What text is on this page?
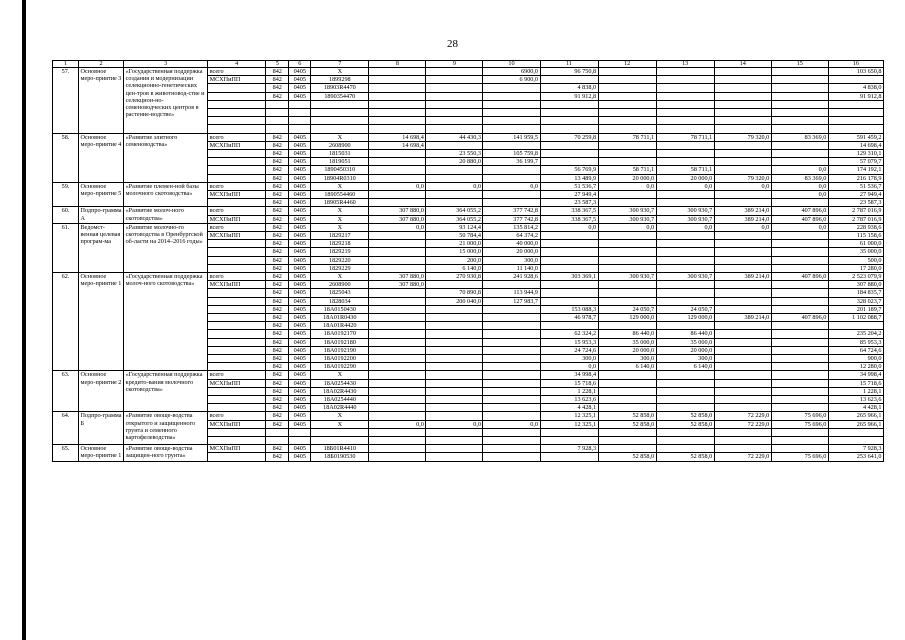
28
1	2	3	4	5	6	7	8	9	10	11	12	13	14	15	16
57.	Основное меро-приятие 3	«Государственная поддержка создания и модернизации селекционно-генетических цен-тров в животновод-стве и селекцион-но-семеноводческих центров в растение-водстве»	всего	842	0405	Х			6900,0	96 750,8					103 650,8
			МСХПиПП	842	0405	1899298			6 900,0						
				842	0405	18903R4470				4 838,0					4 838,0
				842	0405	1890354470				91 912,8					91 912,8

58.	Основное меро-приятие 4	«Развитие элитного семеноводства»	всего	842	0405	Х	14 698,4	44 430,3	141 959,5	70 259,8	78 711,1	78 711,1	79 320,0	83 369,0	591 459,2
			МСХПиПП	842	0405	2608900	14 698,4								14 698,4
				842	0405	1815031		23 550,3	105 759,8						129 310,1
				842	0405	1819051		20 880,0	36 199,7						57 079,7
				842	0405	1890450310				56 769,9	58 711,1	58 711,1		0,0	174 192,1
				842	0405	18904R0310				13 489,9	20 000,0	20 000,0	79 320,0	83 369,0	216 178,9
59.	Основное меро-приятие 5	«Развитие племен-ной базы молочного скотоводства»	всего	842	0405	Х	0,0	0,0	0,0	51 536,7	0,0	0,0	0,0	0,0	51 536,7
			МСХПиПП	842	0405	1890554460				27 949,4				0,0	27 949,4
				842	0405	18905R4460				23 587,3					23 587,3
60.	Подпро-грамма А	«Развитие молоч-ного скотоводства»	всего	842	0405	Х	307 880,0	364 055,2	377 742,8	338 367,5	300 930,7	300 930,7	389 214,0	407 896,0	2 787 016,9
			МСХПиПП	842	0405	Х	307 880,0	364 055,2	377 742,8	338 367,5	300 930,7	300 930,7	389 214,0	407 896,0	2 787 016,9
61.	Ведомст-венная целевая програм-ма	«Развитие молочно-го скотоводства в Оренбургской об-ласти на 2014–2016 годы»	всего	842	0405	Х	0,0	93 124,4	135 814,2	0,0	0,0	0,0	0,0	0,0	228 938,6
			МСХПиПП	842	0405	1829217		50 784,4	64 374,2						115 158,6
				842	0405	1829218		21 000,0	40 000,0						61 000,0
				842	0405	1829219		15 000,0	20 000,0						35 000,0
				842	0405	1829220		200,0	300,0						500,0
				842	0405	1829229		6 140,0	11 140,0						17 280,0
62.	Основное меро-приятие 1	«Государственная поддержка молоч-ного скотоводства»	всего	842	0405	Х	307 880,0	270 930,8	241 928,6	303 369,1	300 930,7	300 930,7	389 214,0	407 896,0	2 523 079,9
			МСХПиПП	842	0405	2608900	307 880,0								307 880,0
				842	0405	1825043		70 890,8	113 944,9						184 835,7
				842	0405	1828034		200 040,0	127 983,7						328 023,7
				842	0405	18А0150430				153 088,3	24 050,7	24 050,7			201 189,7
				842	0405	18А01R0430				46 978,7	129 000,0	129 000,0	389 214,0	407 896,0	1 102 088,7
				842	0405	18А01R4420									
				842	0405	18А0192170				62 324,2	86 440,0	86 440,0			235 204,2
				842	0405	18А0192180				15 953,3	35 000,0	35 000,0			85 953,3
				842	0405	18А0192190				24 724,6	20 000,0	20 000,0			64 724,6
				842	0405	18А0192200				300,0	300,0	300,0			900,0
				842	0405	18А0192290				0,0	6 140,0	6 140,0			12 280,0
63.	Основное меро-приятие 2	«Государственная поддержка кредито-вания молочного скотоводства»	всего	842	0405	Х				34 998,4					34 998,4
			МСХПиПП	842	0405	18А0254430				15 718,6					15 718,6
				842	0405	18А02R4430				1 228,1					1 228,1
				842	0405	18А0254440				13 623,6					13 623,6
				842	0405	18А02R4440				4 428,1					4 428,1
64.	Подпро-грамма Б	«Развитие овоще-водства открытого и защищенного грунта и семенного картофелеводства»	всего	842	0405	Х				12 325,1	52 858,0	52 858,0	72 229,0	75 696,0	265 966,1
			МСХПиПП	842	0405	Х	0,0	0,0	0,0	12 325,1	52 858,0	52 858,0	72 229,0	75 696,0	265 966,1

65.	Основное меро-приятие 1	«Развитие овоще-водства защищен-ного грунта»	МСХПиПП	842	0405	18Б01R4410				7 928,3					7 928,3
				842	0405	18Б0190530					52 858,0	52 858,0	72 229,0	75 696,0	253 641,0
